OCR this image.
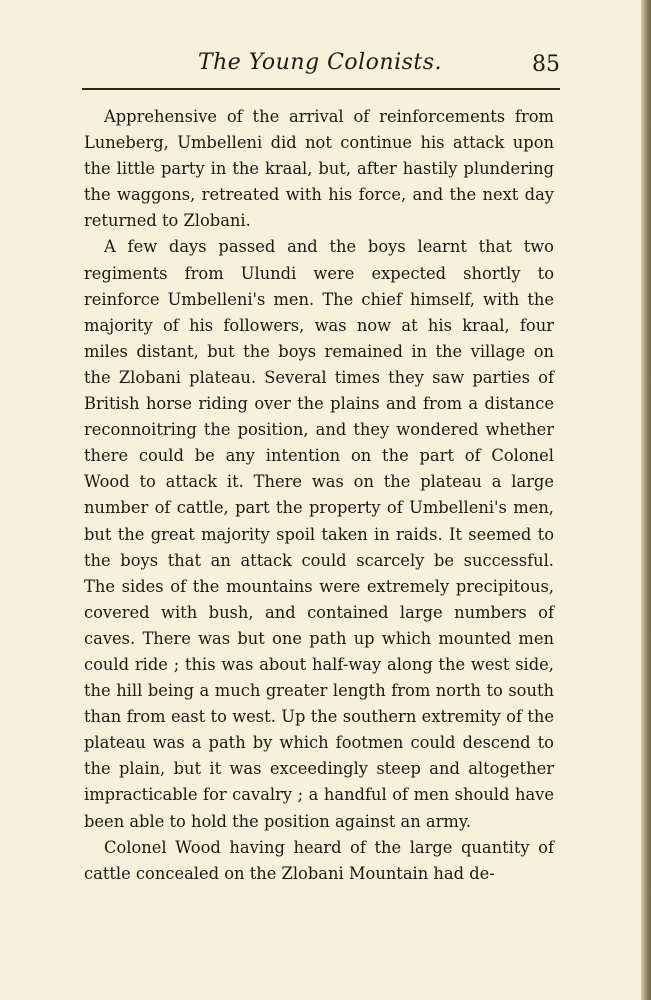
The Young Colonists.	85

Apprehensive of the arrival of reinforcements from Luneberg, Umbelleni did not continue his attack upon the little party in the kraal, but, after hastily plundering the waggons, retreated with his force, and the next day returned to Zlobani.

A few days passed and the boys learnt that two regiments from Ulundi were expected shortly to reinforce Umbelleni's men. The chief himself, with the majority of his followers, was now at his kraal, four miles distant, but the boys remained in the village on the Zlobani plateau. Several times they saw parties of British horse riding over the plains and from a distance reconnoitring the position, and they wondered whether there could be any intention on the part of Colonel Wood to attack it. There was on the plateau a large number of cattle, part the property of Umbelleni's men, but the great majority spoil taken in raids. It seemed to the boys that an attack could scarcely be successful. The sides of the mountains were extremely precipitous, covered with bush, and contained large numbers of caves. There was but one path up which mounted men could ride ; this was about half-way along the west side, the hill being a much greater length from north to south than from east to west. Up the southern extremity of the plateau was a path by which footmen could descend to the plain, but it was exceedingly steep and altogether impracticable for cavalry ; a handful of men should have been able to hold the position against an army.

Colonel Wood having heard of the large quantity of cattle concealed on the Zlobani Mountain had de-
